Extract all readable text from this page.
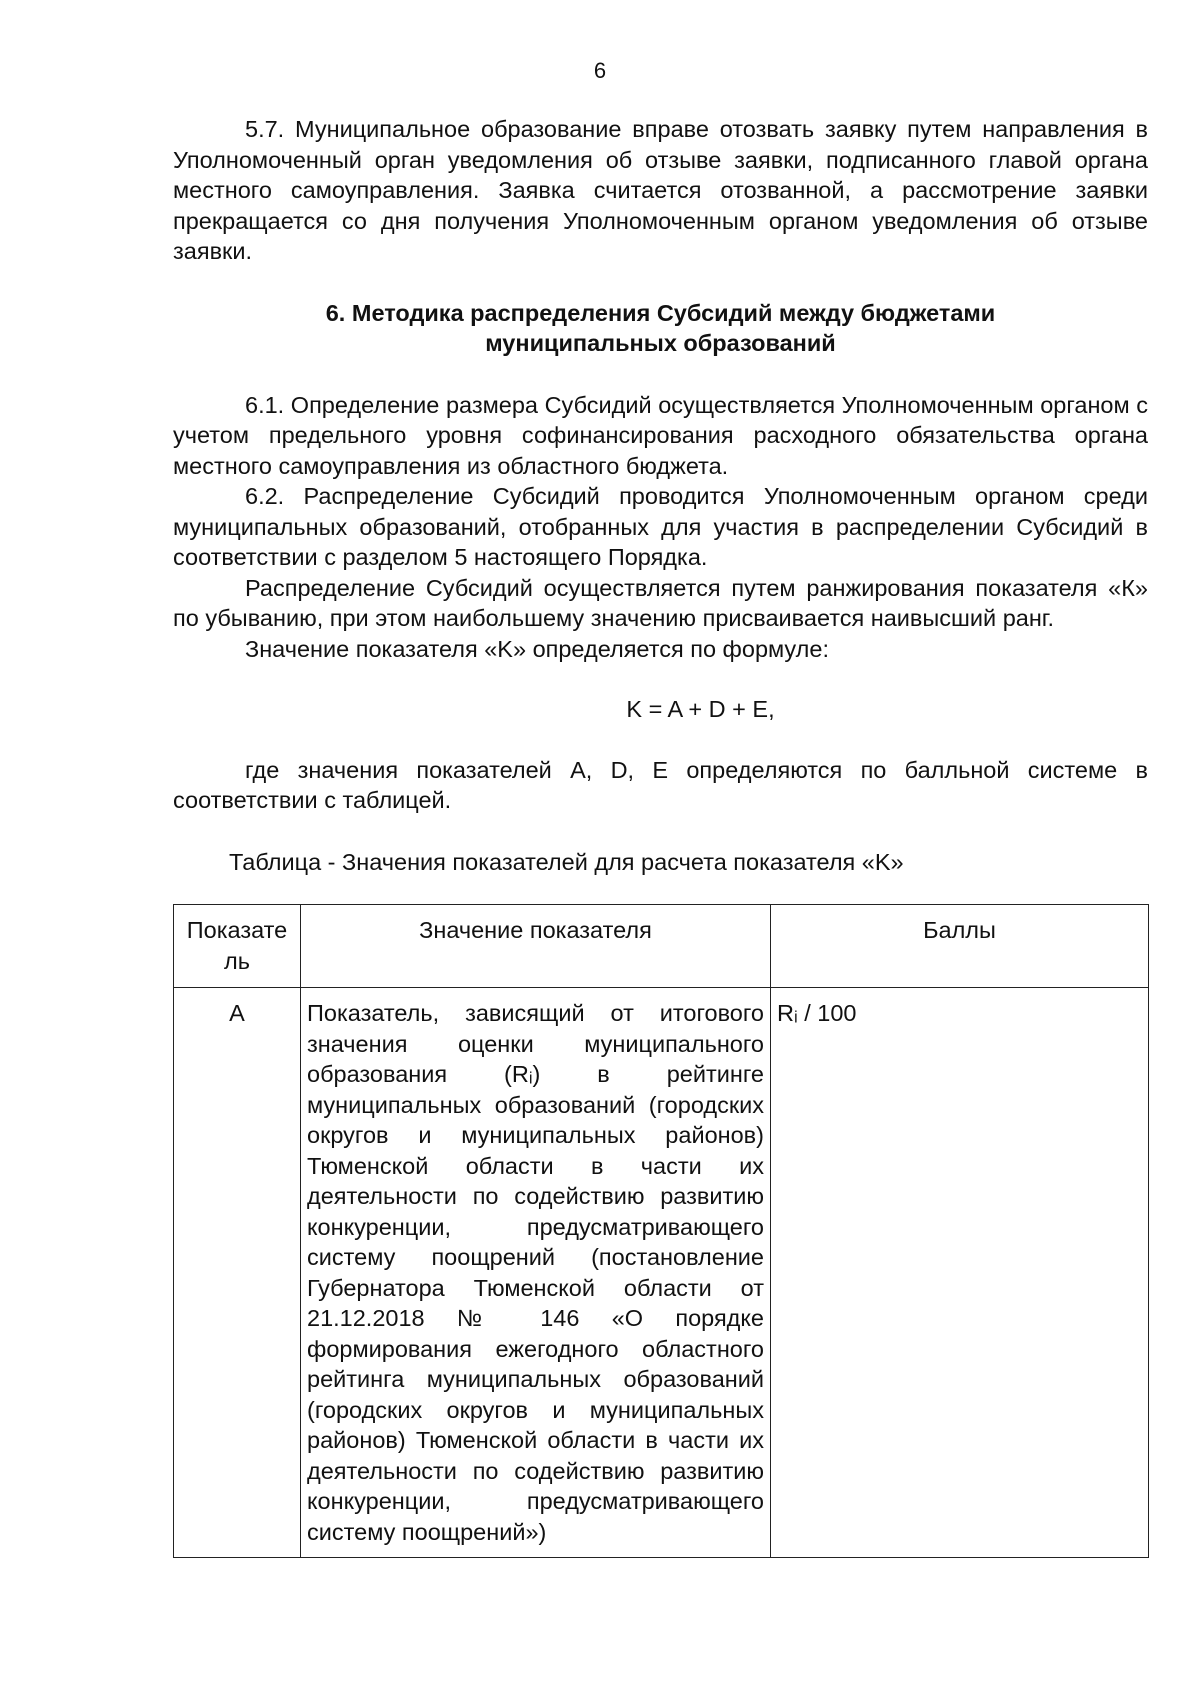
6

5.7. Муниципальное образование вправе отозвать заявку путем направления в Уполномоченный орган уведомления об отзыве заявки, подписанного главой органа местного самоуправления. Заявка считается отозванной, а рассмотрение заявки прекращается со дня получения Уполномоченным органом уведомления об отзыве заявки.

6. Методика распределения Субсидий между бюджетами
муниципальных образований

6.1. Определение размера Субсидий осуществляется Уполномоченным органом с учетом предельного уровня софинансирования расходного обязательства органа местного самоуправления из областного бюджета.

6.2. Распределение Субсидий проводится Уполномоченным органом среди муниципальных образований, отобранных для участия в распределении Субсидий в соответствии с разделом 5 настоящего Порядка.

Распределение Субсидий осуществляется путем ранжирования показателя «К» по убыванию, при этом наибольшему значению присваивается наивысший ранг.

Значение показателя «K» определяется по формуле:

K = A + D + E,

где значения показателей A, D, E определяются по балльной системе в соответствии с таблицей.

Таблица - Значения показателей для расчета показателя «K»
Показате ль	Значение показателя	Баллы
А	Показатель, зависящий от итогового значения оценки муниципального образования (Rᵢ) в рейтинге муниципальных образований (городских округов и муниципальных районов) Тюменской области в части их деятельности по содействию развитию конкуренции, предусматривающего систему поощрений (постановление Губернатора Тюменской области от 21.12.2018 № 146 «О порядке формирования ежегодного областного рейтинга муниципальных образований (городских округов и муниципальных районов) Тюменской области в части их деятельности по содействию развитию конкуренции, предусматривающего систему поощрений»)	Rᵢ / 100
